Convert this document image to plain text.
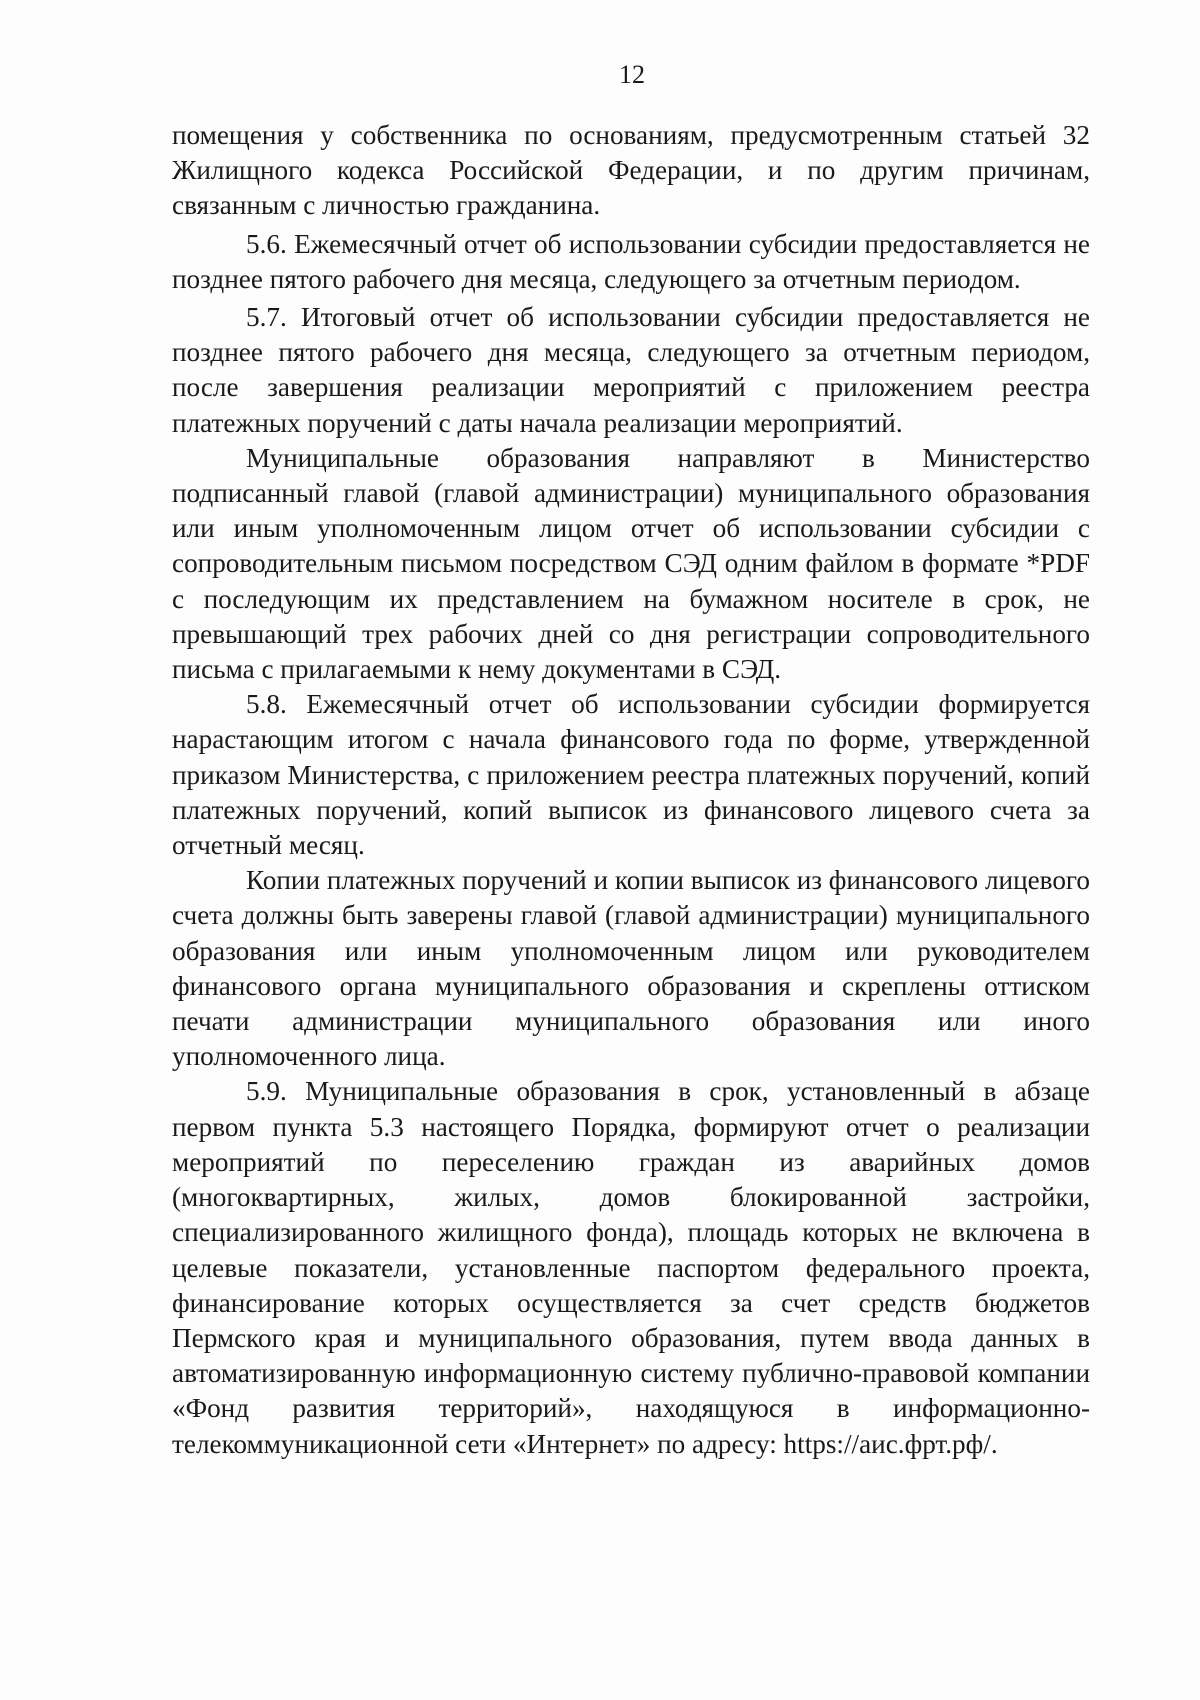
12

помещения у собственника по основаниям, предусмотренным статьей 32 Жилищного кодекса Российской Федерации, и по другим причинам, связанным с личностью гражданина.

5.6. Ежемесячный отчет об использовании субсидии предоставляется не позднее пятого рабочего дня месяца, следующего за отчетным периодом.

5.7. Итоговый отчет об использовании субсидии предоставляется не позднее пятого рабочего дня месяца, следующего за отчетным периодом, после завершения реализации мероприятий с приложением реестра платежных поручений с даты начала реализации мероприятий.

Муниципальные образования направляют в Министерство подписанный главой (главой администрации) муниципального образования или иным уполномоченным лицом отчет об использовании субсидии с сопроводительным письмом посредством СЭД одним файлом в формате *PDF с последующим их представлением на бумажном носителе в срок, не превышающий трех рабочих дней со дня регистрации сопроводительного письма с прилагаемыми к нему документами в СЭД.

5.8. Ежемесячный отчет об использовании субсидии формируется нарастающим итогом с начала финансового года по форме, утвержденной приказом Министерства, с приложением реестра платежных поручений, копий платежных поручений, копий выписок из финансового лицевого счета за отчетный месяц.

Копии платежных поручений и копии выписок из финансового лицевого счета должны быть заверены главой (главой администрации) муниципального образования или иным уполномоченным лицом или руководителем финансового органа муниципального образования и скреплены оттиском печати администрации муниципального образования или иного уполномоченного лица.

5.9. Муниципальные образования в срок, установленный в абзаце первом пункта 5.3 настоящего Порядка, формируют отчет о реализации мероприятий по переселению граждан из аварийных домов (многоквартирных, жилых, домов блокированной застройки, специализированного жилищного фонда), площадь которых не включена в целевые показатели, установленные паспортом федерального проекта, финансирование которых осуществляется за счет средств бюджетов Пермского края и муниципального образования, путем ввода данных в автоматизированную информационную систему публично-правовой компании «Фонд развития территорий», находящуюся в информационно-телекоммуникационной сети «Интернет» по адресу: https://аис.фрт.рф/.
